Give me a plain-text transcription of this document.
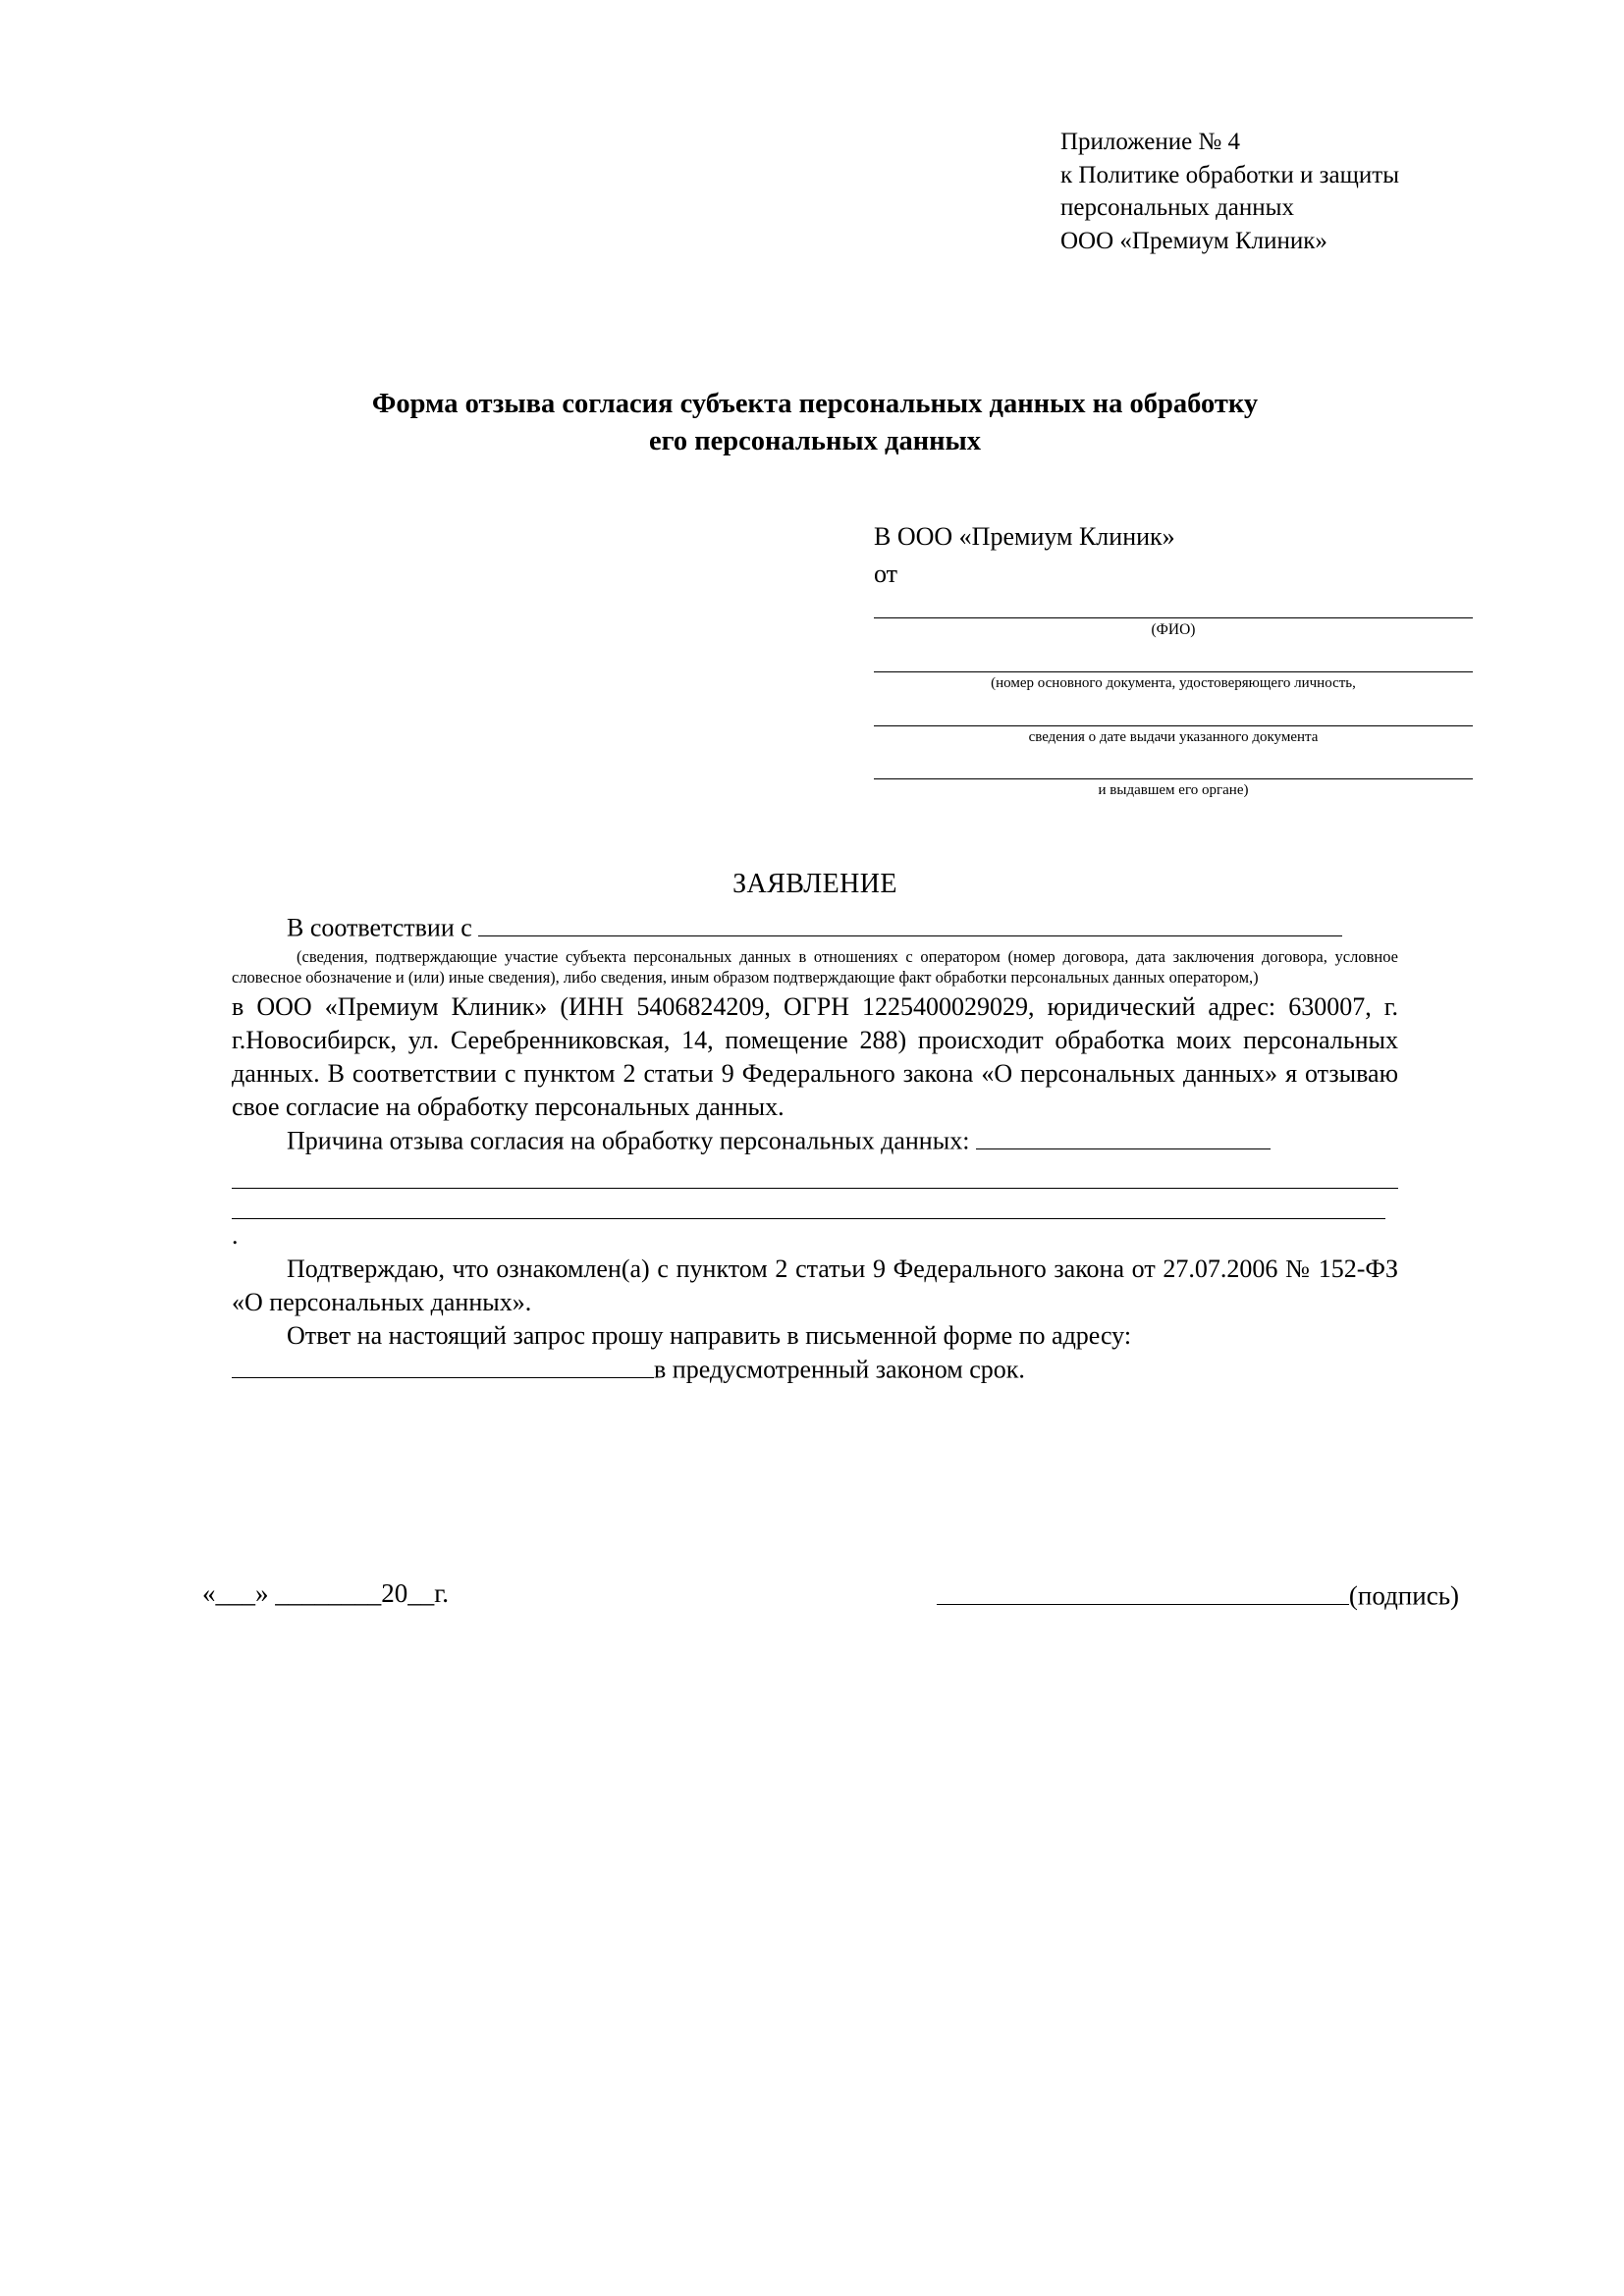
Приложение № 4
к Политике обработки и защиты
персональных данных
ООО «Премиум Клиник»
Форма отзыва согласия субъекта персональных данных на обработку
его персональных данных
В ООО «Премиум Клиник»
от
(ФИО)
(номер основного документа, удостоверяющего личность,
сведения о дате выдачи указанного документа
и выдавшем его органе)
ЗАЯВЛЕНИЕ

В соответствии с

(сведения, подтверждающие участие субъекта персональных данных в отношениях с оператором (номер договора, дата заключения договора, условное словесное обозначение и (или) иные сведения), либо сведения, иным образом подтверждающие факт обработки персональных данных оператором,)

в ООО «Премиум Клиник» (ИНН 5406824209, ОГРН 1225400029029, юридический адрес: 630007, г. г.Новосибирск, ул. Серебренниковская, 14, помещение 288) происходит обработка моих персональных данных. В соответствии с пунктом 2 статьи 9 Федерального закона «О персональных данных» я отзываю свое согласие на обработку персональных данных.

Причина отзыва согласия на обработку персональных данных:

.

Подтверждаю, что ознакомлен(а) с пунктом 2 статьи 9 Федерального закона от 27.07.2006 № 152-ФЗ «О персональных данных».

Ответ на настоящий запрос прошу направить в письменной форме по адресу:

в предусмотренный законом срок.

«___» ________20__г.	(подпись)
